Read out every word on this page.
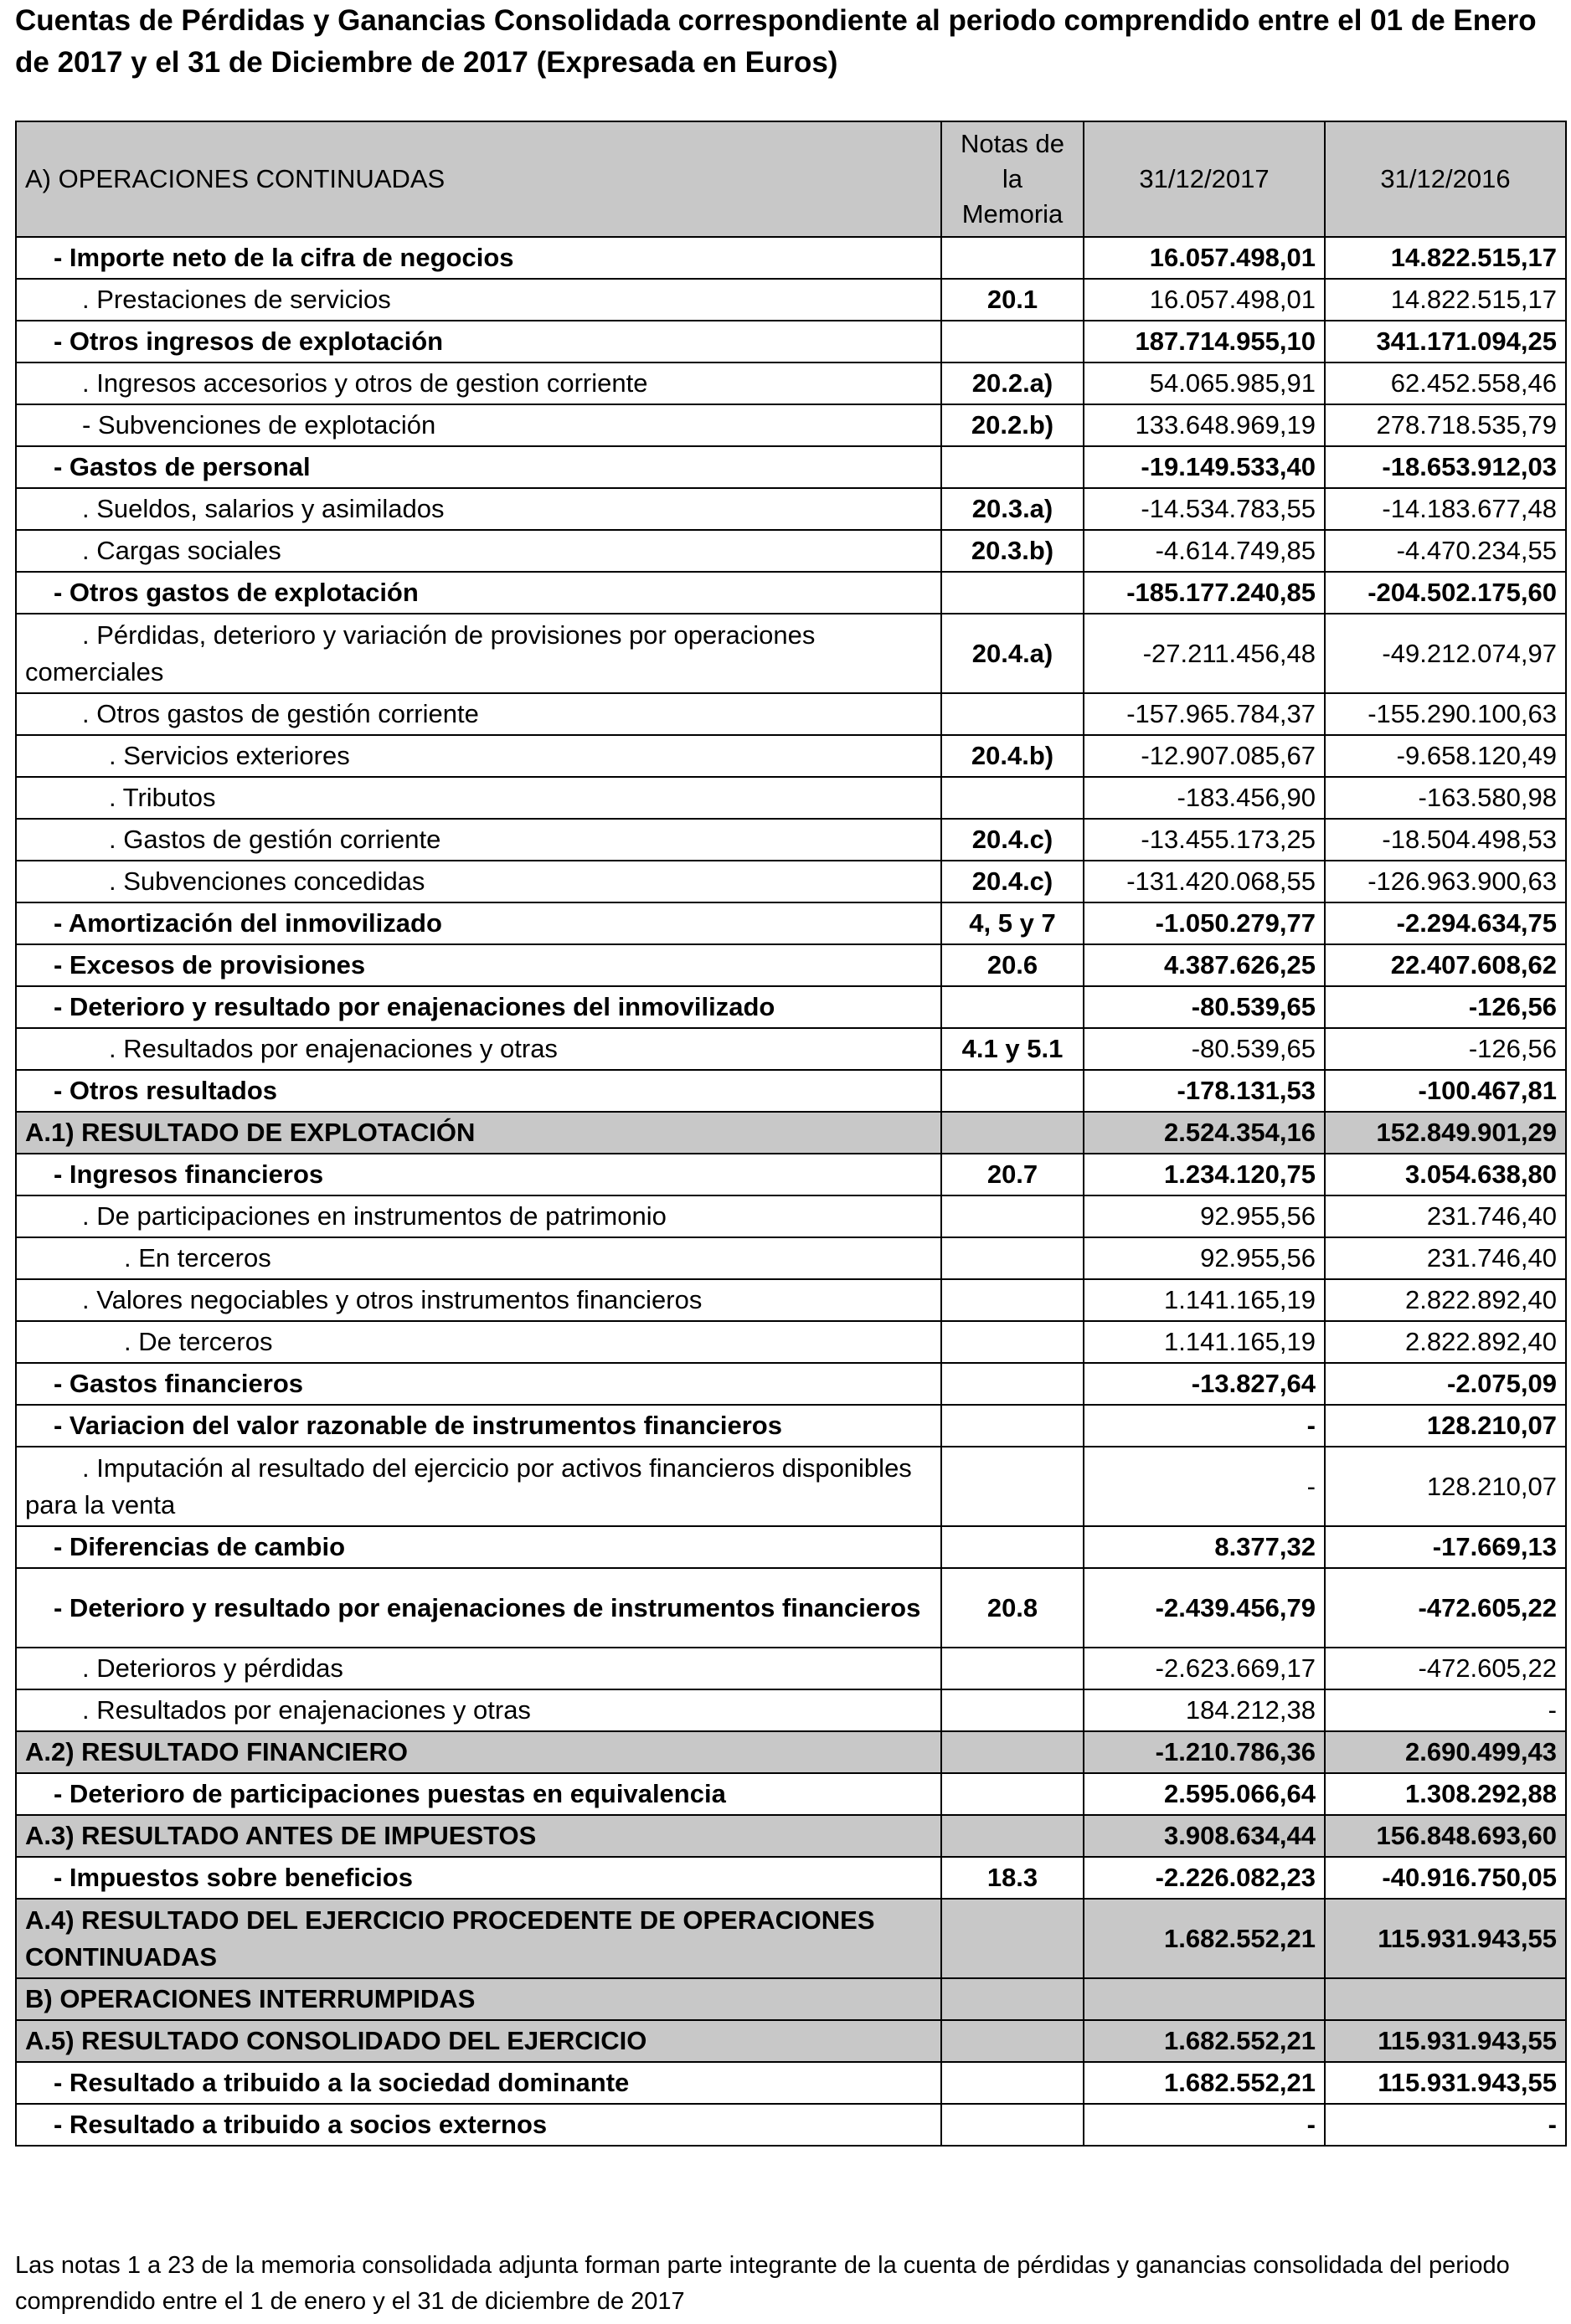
Cuentas de Pérdidas y Ganancias Consolidada correspondiente al periodo comprendido entre el 01 de Enero de 2017 y el 31 de Diciembre de 2017 (Expresada en Euros)
A) OPERACIONES CONTINUADAS	Notas de la Memoria	31/12/2017	31/12/2016
- Importe neto de la cifra de negocios		16.057.498,01	14.822.515,17
. Prestaciones de servicios	20.1	16.057.498,01	14.822.515,17
- Otros ingresos de explotación		187.714.955,10	341.171.094,25
. Ingresos accesorios y otros de gestion corriente	20.2.a)	54.065.985,91	62.452.558,46
- Subvenciones de explotación	20.2.b)	133.648.969,19	278.718.535,79
- Gastos de personal		-19.149.533,40	-18.653.912,03
. Sueldos, salarios y asimilados	20.3.a)	-14.534.783,55	-14.183.677,48
. Cargas sociales	20.3.b)	-4.614.749,85	-4.470.234,55
- Otros gastos de explotación		-185.177.240,85	-204.502.175,60
. Pérdidas, deterioro y variación de provisiones por operaciones comerciales	20.4.a)	-27.211.456,48	-49.212.074,97
. Otros gastos de gestión corriente		-157.965.784,37	-155.290.100,63
. Servicios exteriores	20.4.b)	-12.907.085,67	-9.658.120,49
. Tributos		-183.456,90	-163.580,98
. Gastos de gestión corriente	20.4.c)	-13.455.173,25	-18.504.498,53
. Subvenciones concedidas	20.4.c)	-131.420.068,55	-126.963.900,63
- Amortización del inmovilizado	4, 5 y 7	-1.050.279,77	-2.294.634,75
- Excesos de provisiones	20.6	4.387.626,25	22.407.608,62
- Deterioro y resultado por enajenaciones del inmovilizado		-80.539,65	-126,56
. Resultados por enajenaciones y otras	4.1 y 5.1	-80.539,65	-126,56
- Otros resultados		-178.131,53	-100.467,81
A.1) RESULTADO DE EXPLOTACIÓN		2.524.354,16	152.849.901,29
- Ingresos financieros	20.7	1.234.120,75	3.054.638,80
. De participaciones en instrumentos de patrimonio		92.955,56	231.746,40
. En terceros		92.955,56	231.746,40
. Valores negociables y otros instrumentos financieros		1.141.165,19	2.822.892,40
. De terceros		1.141.165,19	2.822.892,40
- Gastos financieros		-13.827,64	-2.075,09
- Variacion del valor razonable de instrumentos financieros		-	128.210,07
. Imputación al resultado del ejercicio por activos financieros disponibles para la venta		-	128.210,07
- Diferencias de cambio		8.377,32	-17.669,13
- Deterioro y resultado por enajenaciones de instrumentos financieros	20.8	-2.439.456,79	-472.605,22
. Deterioros y pérdidas		-2.623.669,17	-472.605,22
. Resultados por enajenaciones y otras		184.212,38	-
A.2) RESULTADO FINANCIERO		-1.210.786,36	2.690.499,43
- Deterioro de participaciones puestas en equivalencia		2.595.066,64	1.308.292,88
A.3) RESULTADO ANTES DE IMPUESTOS		3.908.634,44	156.848.693,60
- Impuestos sobre beneficios	18.3	-2.226.082,23	-40.916.750,05
A.4) RESULTADO DEL EJERCICIO PROCEDENTE DE OPERACIONES CONTINUADAS		1.682.552,21	115.931.943,55
B) OPERACIONES INTERRUMPIDAS			
A.5) RESULTADO CONSOLIDADO DEL EJERCICIO		1.682.552,21	115.931.943,55
- Resultado a tribuido a la sociedad dominante		1.682.552,21	115.931.943,55
- Resultado a tribuido a socios externos		-	-

Las notas 1 a 23 de la memoria consolidada adjunta forman parte integrante de la cuenta de pérdidas y ganancias consolidada del periodo comprendido entre el 1 de enero y el 31 de diciembre de 2017
